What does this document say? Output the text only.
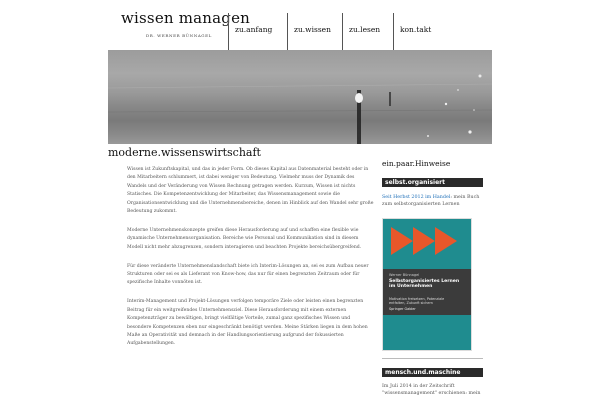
wissen managen
DR. WERNER BÜNNAGEL
zu.anfang	zu.wissen	zu.lesen	kon.takt
moderne.wissenswirtschaft

Wissen ist Zukunftskapital, und das in jeder Form. Ob dieses Kapital aus Datenmaterial besteht oder in den Mitarbeitern schlummert, ist dabei weniger von Bedeutung. Vielmehr muss der Dynamik des Wandels und der Veränderung von Wissen Rechnung getragen werden. Kurzum, Wissen ist nichts Statisches. Die Kompetenzentwicklung der Mitarbeiter, das Wissensmanagement sowie die Organisationsentwicklung und die Unternehmensbereiche, denen im Hinblick auf den Wandel sehr große Bedeutung zukommt.

Moderne Unternehmenskonzepte greifen diese Herausforderung auf und schaffen eine flexible wie dynamische Unternehmensorganisation. Bereiche wie Personal und Kommunikation sind in diesem Modell nicht mehr abzugrenzen, sondern interagieren und beachten Projekte bereichsübergreifend.

Für diese veränderte Unternehmenslandschaft biete ich Interim-Lösungen an, sei es zum Aufbau neuer Strukturen oder sei es als Lieferant von Know-how, das nur für einen begrenzten Zeitraum oder für spezifische Inhalte vonnöten ist.

Interim-Management und Projekt-Lösungen verfolgen temporäre Ziele oder leisten einen begrenzten Beitrag für ein weitgreifendes Unternehmensziel. Diese Herausforderung mit einem externen Kompetenzträger zu bewältigen, bringt vielfältige Vorteile, zumal ganz spezifisches Wissen und besondere Kompetenzen eben nur eingeschränkt benötigt werden. Meine Stärken liegen in dem hohen Maße an Operativität und demnach in der Handlungsorientierung aufgrund der fokussierten Aufgabenstellungen.

ein.paar.Hinweise
selbst.organisiert
Seit Herbst 2012 im Handel: mein Buch zum selbstorganisierten Lernen
Werner Bünnagel
Selbstorganisiertes Lernen im Unternehmen
Motivation freisetzen, Potenziale entfalten, Zukunft sichern
Springer Gabler
mensch.und.maschine
Im Juli 2014 in der Zeitschrift "wissensmanagement" erschienen: mein
